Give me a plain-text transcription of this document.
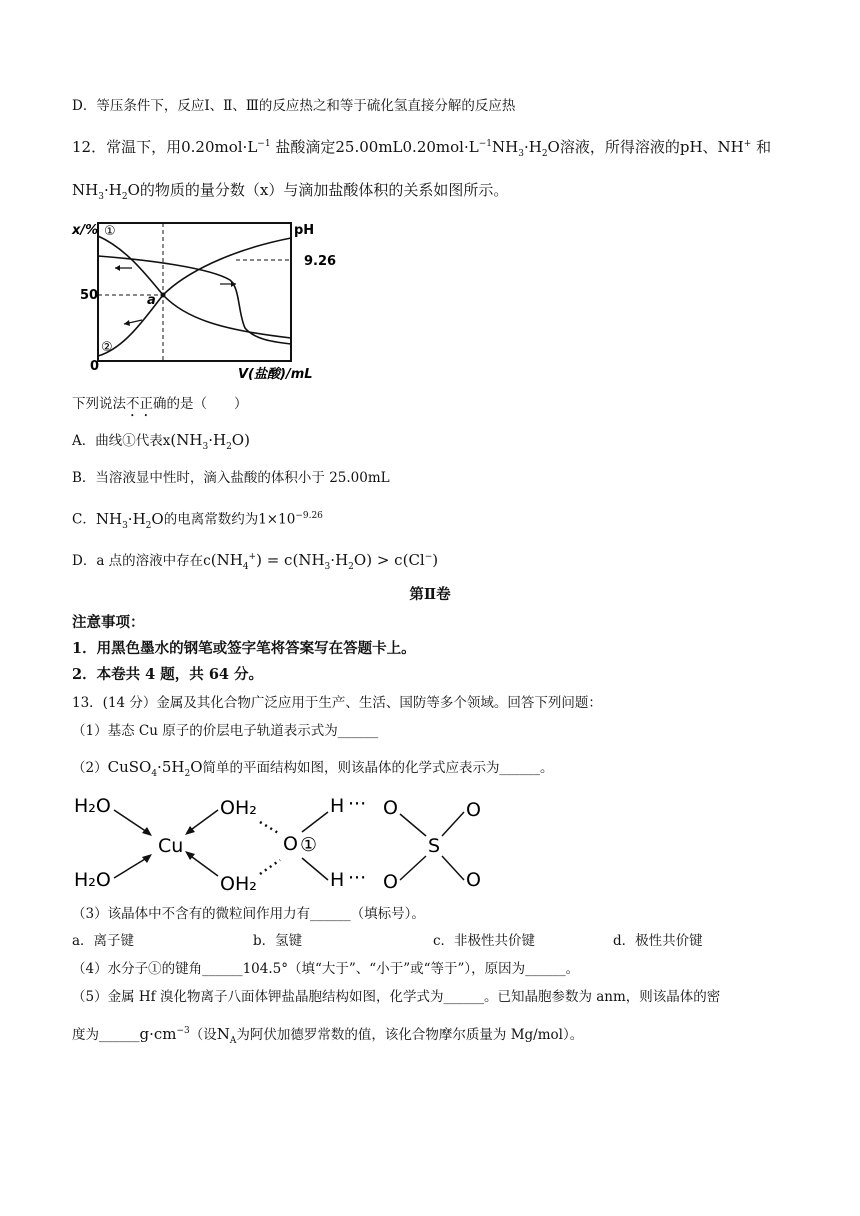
D．等压条件下，反应Ⅰ、Ⅱ、Ⅲ的反应热之和等于硫化氢直接分解的反应热
12．常温下，用$0.20mol\cdot L^{-1}$ 盐酸滴定$25.00mL0.20mol\cdot L^{-1}NH_3\cdot H_2O$溶液，所得溶液的pH、NH+ 和
$NH_3\cdot H_2O$的物质的量分数（x）与滴加盐酸体积的关系如图所示。
x/%	pH
9.26
50
0
V(盐酸)/mL
a
①
②
下列说法不正确的是（　　）
A．曲线①代表$x(NH_3\cdot H_2O)$
B．当溶液显中性时，滴入盐酸的体积小于 25.00mL
C．$NH_3\cdot H_2O$的电离常数约为$1\times 10^{-9.26}$
D．a 点的溶液中存在$c(NH_4^+) = c(NH_3\cdot H_2O) > c(Cl^-)$
第Ⅱ卷
注意事项：
1．用黑色墨水的钢笔或签字笔将答案写在答题卡上。
2．本卷共 4 题，共 64 分。
13．(14 分）金属及其化合物广泛应用于生产、生活、国防等多个领域。回答下列问题：
（1）基态 Cu 原子的价层电子轨道表示式为______
$(2)CuSO_4\cdot 5H_2O$简单的平面结构如图，则该晶体的化学式应表示为______。
H₂O
H₂O
Cu
OH₂
OH₂
O ①
H ···
H ···
O	O
S
O	O
（3）该晶体中不含有的微粒间作用力有______（填标号）。
a．离子键	b．氢键	c．非极性共价键	d．极性共价键
（4）水分子①的键角______104.5°（填“大于”、“小于”或“等于”），原因为______。
（5）金属 Hf 溴化物离子八面体钾盐晶胞结构如图，化学式为______。已知晶胞参数为 anm，则该晶体的密
度为$\_\_\_\_\_\_g\cdot cm^{-3}$（设$N_A$为阿伏加德罗常数的值，该化合物摩尔质量为 Mg/mol）。
